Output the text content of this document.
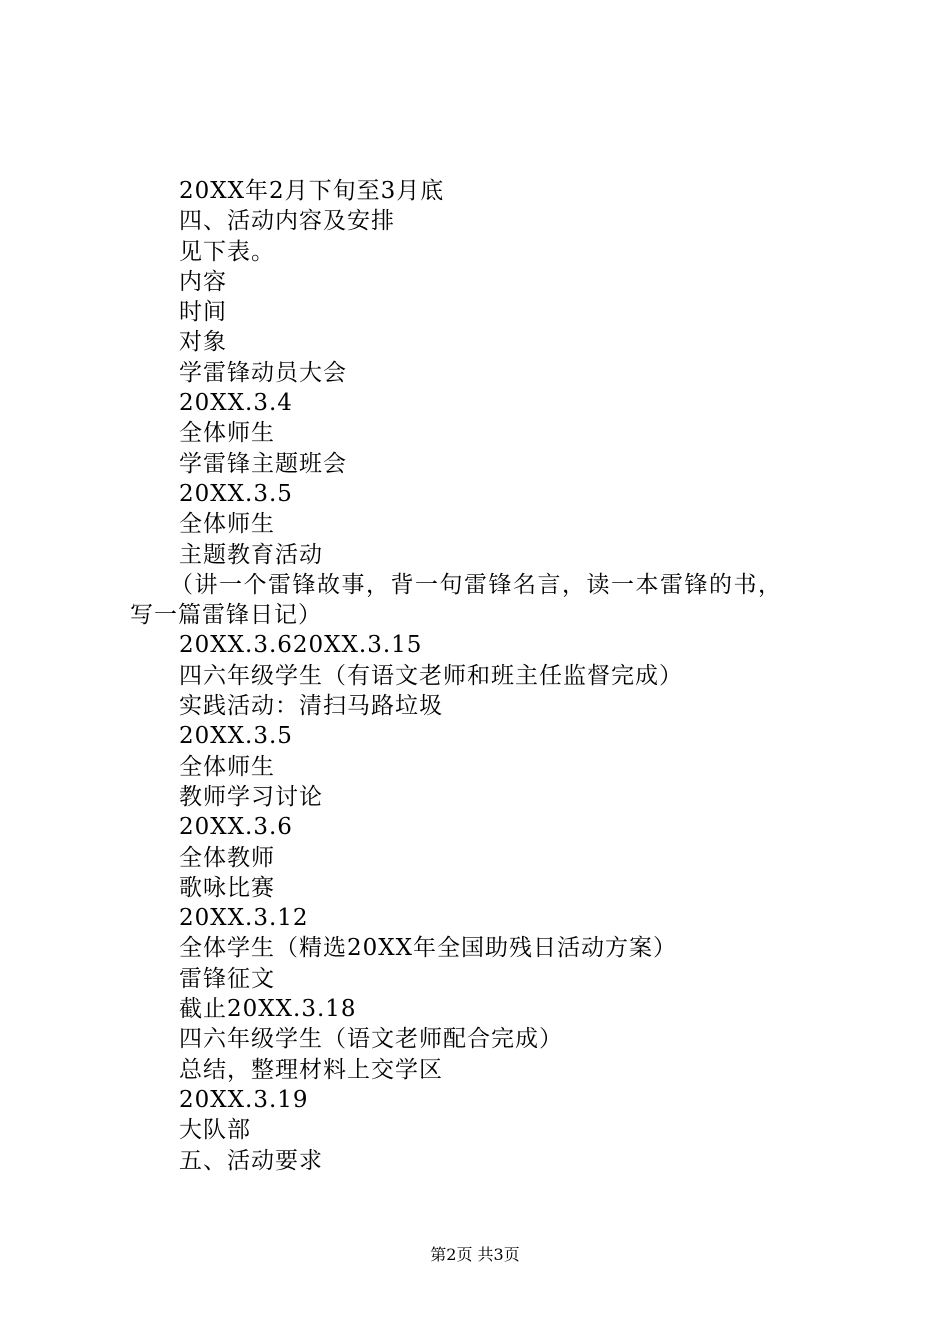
20XX年2月下旬至3月底
四、活动内容及安排
见下表。
内容
时间
对象
学雷锋动员大会
20XX.3.4
全体师生
学雷锋主题班会
20XX.3.5
全体师生
主题教育活动
（讲一个雷锋故事，背一句雷锋名言，读一本雷锋的书，
写一篇雷锋日记）
20XX.3.620XX.3.15
四六年级学生（有语文老师和班主任监督完成）
实践活动：清扫马路垃圾
20XX.3.5
全体师生
教师学习讨论
20XX.3.6
全体教师
歌咏比赛
20XX.3.12
全体学生（精选20XX年全国助残日活动方案）
雷锋征文
截止20XX.3.18
四六年级学生（语文老师配合完成）
总结，整理材料上交学区
20XX.3.19
大队部
五、活动要求
第2页 共3页
